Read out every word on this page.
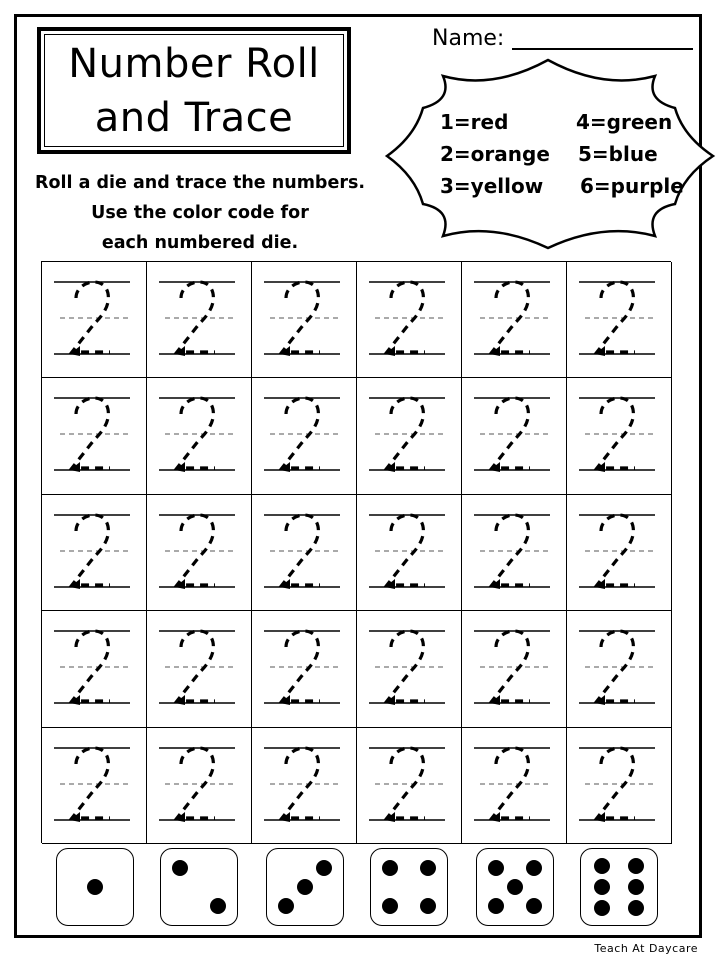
Number Roll
and Trace
Name:
Roll a die and trace the numbers.
Use the color code for
each numbered die.
1=red
2=orange
3=yellow
4=green
5=blue
6=purple
Teach At Daycare
